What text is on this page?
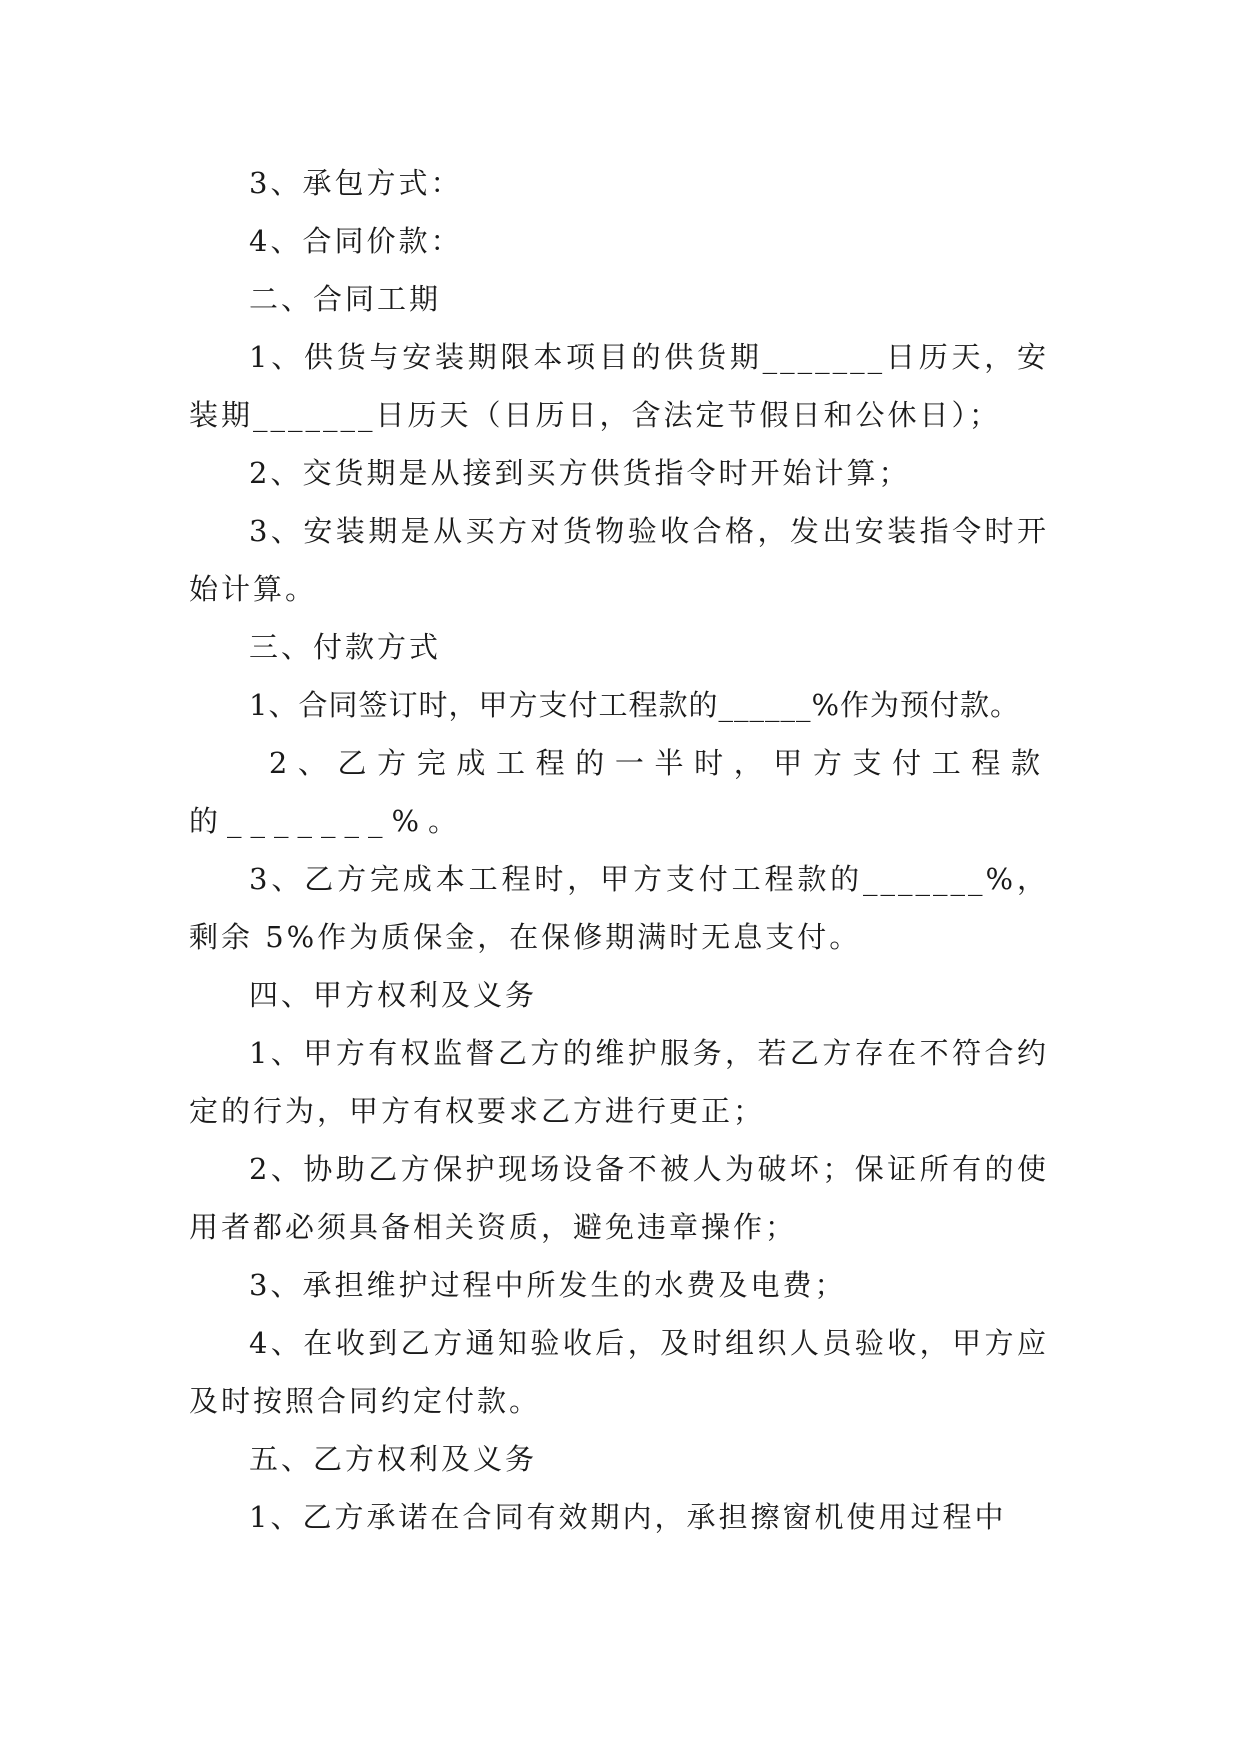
3、承包方式：

4、合同价款：

二、合同工期

1、供货与安装期限本项目的供货期_______日历天，安装期_______日历天（日历日，含法定节假日和公休日）；

2、交货期是从接到买方供货指令时开始计算；

3、安装期是从买方对货物验收合格，发出安装指令时开始计算。

三、付款方式

1、合同签订时，甲方支付工程款的______%作为预付款。

2、乙方完成工程的一半时，甲方支付工程款的_______%。

3、乙方完成本工程时，甲方支付工程款的_______%，剩余 5%作为质保金，在保修期满时无息支付。

四、甲方权利及义务

1、甲方有权监督乙方的维护服务，若乙方存在不符合约定的行为，甲方有权要求乙方进行更正；

2、协助乙方保护现场设备不被人为破坏；保证所有的使用者都必须具备相关资质，避免违章操作；

3、承担维护过程中所发生的水费及电费；

4、在收到乙方通知验收后，及时组织人员验收，甲方应及时按照合同约定付款。

五、乙方权利及义务

1、乙方承诺在合同有效期内，承担擦窗机使用过程中
